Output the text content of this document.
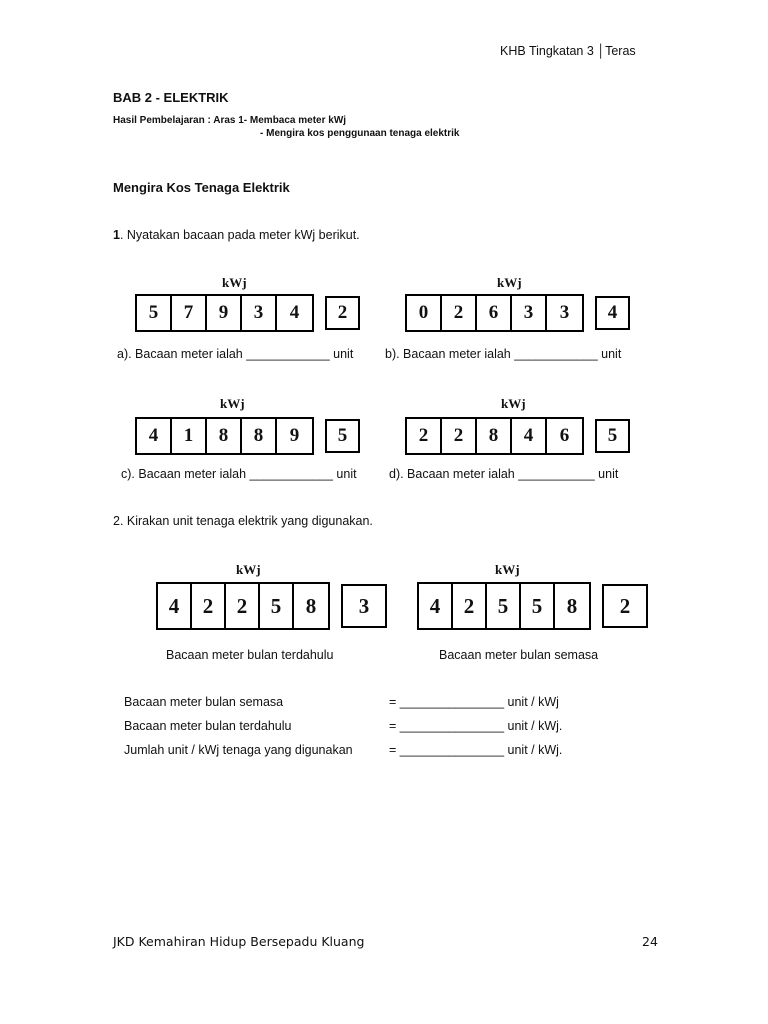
KHB Tingkatan 3 │Teras
BAB 2 - ELEKTRIK
Hasil Pembelajaran : Aras 1- Membaca meter kWj
- Mengira kos penggunaan tenaga elektrik
Mengira Kos Tenaga Elektrik
1. Nyatakan bacaan pada meter kWj berikut.
kWj
5	7	9	3	4	2
a). Bacaan meter ialah ____________ unit
kWj
0	2	6	3	3	4
b). Bacaan meter ialah ____________ unit
kWj
4	1	8	8	9	5
c). Bacaan meter ialah ____________ unit
kWj
2	2	8	4	6	5
d). Bacaan meter ialah ___________ unit
2. Kirakan unit tenaga elektrik yang digunakan.
kWj
4	2	2	5	8	3
Bacaan meter bulan terdahulu
kWj
4	2	5	5	8	2
Bacaan meter bulan semasa
Bacaan meter bulan semasa	= _______________ unit / kWj
Bacaan meter bulan terdahulu	= _______________ unit / kWj.
Jumlah unit / kWj tenaga yang digunakan	= _______________ unit / kWj.
JKD Kemahiran Hidup Bersepadu Kluang	24
